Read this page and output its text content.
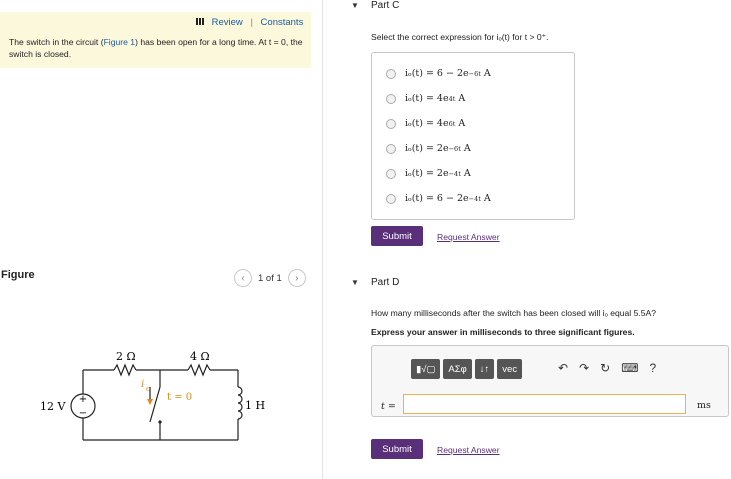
Review | Constants
The switch in the circuit (Figure 1) has been open for a long time. At t = 0, the switch is closed.
Figure	‹	1 of 1	›
+
−
12 V
2 Ω	4 Ω
1 H
i o
t = 0
▼ Part C
Select the correct expression for iₒ(t) for t > 0⁺.
iₒ(t) = 6 − 2e −6t
A
iₒ(t) = 4e 4t
A
iₒ(t) = 4e 6t
A
iₒ(t) = 2e −6t
A
iₒ(t) = 2e −4t
A
iₒ(t) = 6 − 2e −4t
A
Submit	Request Answer
▼ Part D
How many milliseconds after the switch has been closed will iₒ equal 5.5A?
Express your answer in milliseconds to three significant figures.
▮√▢	ΑΣφ	↓↑	vec	↶ ↷ ↻ ⌨ ?
t =	ms
Submit	Request Answer
